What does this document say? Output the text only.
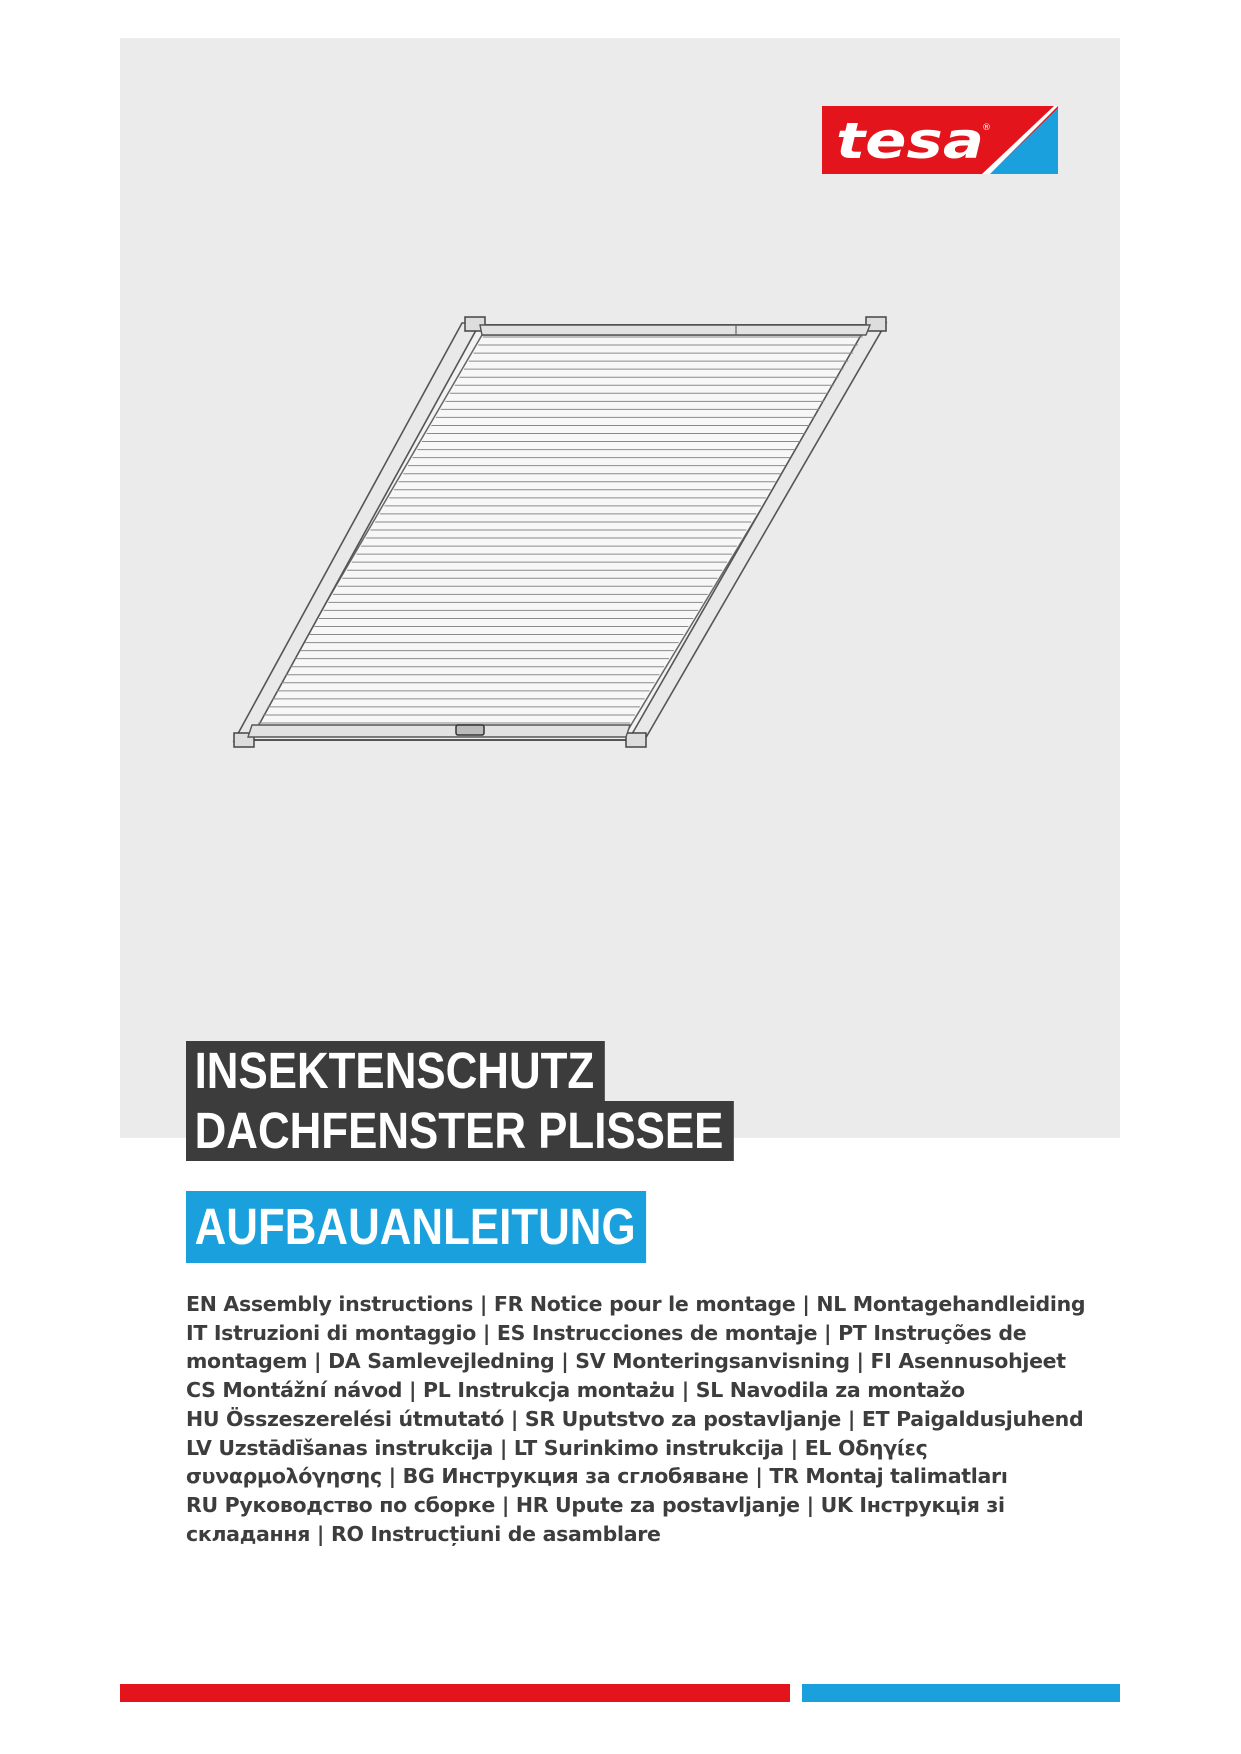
tesa
®
INSEKTENSCHUTZ
DACHFENSTER PLISSEE
AUFBAUANLEITUNG
EN Assembly instructions | FR Notice pour le montage | NL Montagehandleiding
IT Istruzioni di montaggio | ES Instrucciones de montaje | PT Instruções de
montagem | DA Samlevejledning | SV Monteringsanvisning | FI Asennusohjeet
CS Montážní návod | PL Instrukcja montażu | SL Navodila za montažo
HU Összeszerelési útmutató | SR Uputstvo za postavljanje | ET Paigaldusjuhend
LV Uzstādīšanas instrukcija | LT Surinkimo instrukcija | EL Οδηγίες
συναρμολόγησης | BG Инструкция за сглобяване | TR Montaj talimatları
RU Руководство по сборке | HR Upute za postavljanje | UK Інструкція зі
складання | RO Instrucțiuni de asamblare
